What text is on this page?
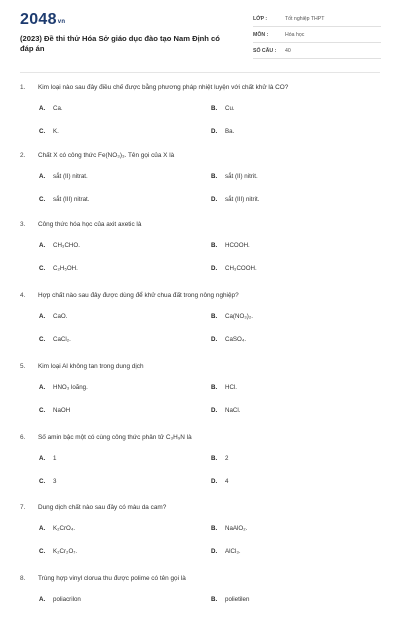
2048vn
(2023) Đề thi thử Hóa Sở giáo dục đào tạo Nam Định có đáp án
LỚP :	Tốt nghiệp THPT
MÔN :	Hóa học
SỐ CÂU : 40
1. Kim loại nào sau đây điều chế được bằng phương pháp nhiệt luyện với chất khử là CO?
A. Ca.	B. Cu.
C. K.	D. Ba.
2. Chất X có công thức Fe(NO₃)₃. Tên gọi của X là
A. sắt (II) nitrat.	B. sắt (II) nitrit.
C. sắt (III) nitrat.	D. sắt (III) nitrit.
3. Công thức hóa học của axit axetic là
A. CH₃CHO.	B. HCOOH.
C. C₂H₅OH.	D. CH₃COOH.
4. Hợp chất nào sau đây được dùng để khử chua đất trong nông nghiệp?
A. CaO.	B. Ca(NO₃)₂.
C. CaCl₂.	D. CaSO₄.
5. Kim loại Al không tan trong dung dịch
A. HNO₃ loãng.	B. HCl.
C. NaOH	D. NaCl.
6. Số amin bậc một có cùng công thức phân tử C₃H₉N là
A. 1	B. 2
C. 3	D. 4
7. Dung dịch chất nào sau đây có màu da cam?
A. K₂CrO₄.	B. NaAlO₂.
C. K₂Cr₂O₇.	D. AlCl₃.
8. Trùng hợp vinyl clorua thu được polime có tên gọi là
A. poliacrilon	B. polietilen
